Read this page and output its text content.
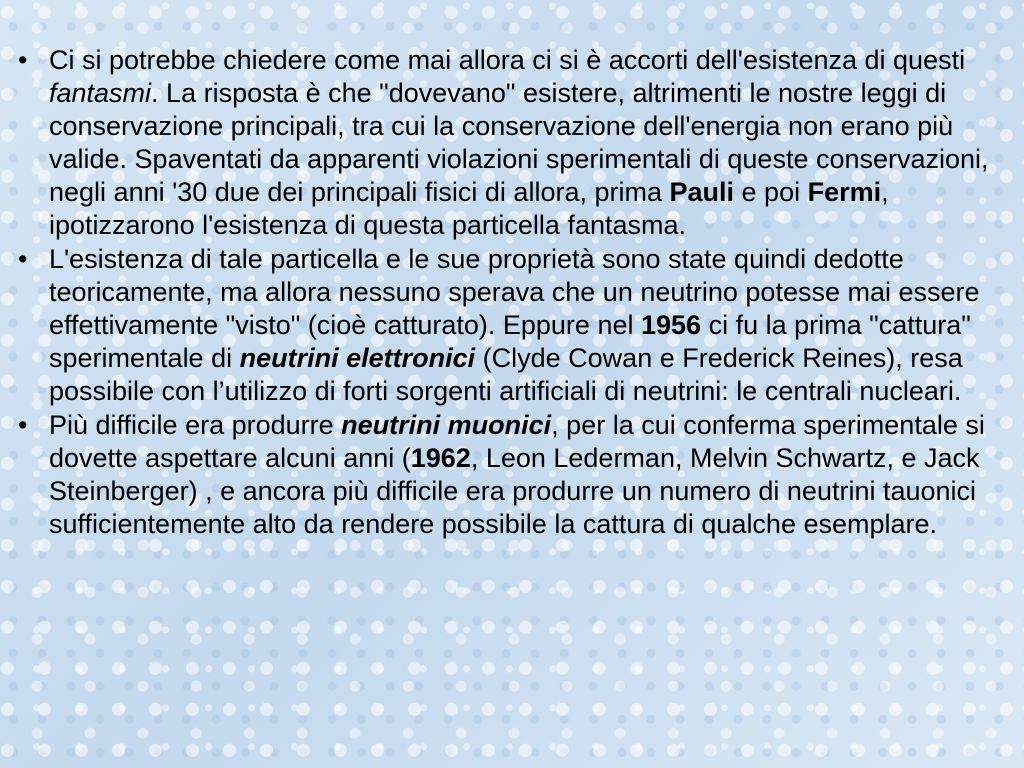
• Ci si potrebbe chiedere come mai allora ci si è accorti dell'esistenza di questi fantasmi. La risposta è che "dovevano" esistere, altrimenti le nostre leggi di conservazione principali, tra cui la conservazione dell'energia non erano più valide. Spaventati da apparenti violazioni sperimentali di queste conservazioni, negli anni '30 due dei principali fisici di allora, prima Pauli e poi Fermi, ipotizzarono l'esistenza di questa particella fantasma.
• L'esistenza di tale particella e le sue proprietà sono state quindi dedotte teoricamente, ma allora nessuno sperava che un neutrino potesse mai essere effettivamente "visto" (cioè catturato). Eppure nel 1956 ci fu la prima "cattura" sperimentale di neutrini elettronici (Clyde Cowan e Frederick Reines), resa possibile con l’utilizzo di forti sorgenti artificiali di neutrini: le centrali nucleari.
• Più difficile era produrre neutrini muonici, per la cui conferma sperimentale si dovette aspettare alcuni anni (1962, Leon Lederman, Melvin Schwartz, e Jack Steinberger) , e ancora più difficile era produrre un numero di neutrini tauonici sufficientemente alto da rendere possibile la cattura di qualche esemplare.
